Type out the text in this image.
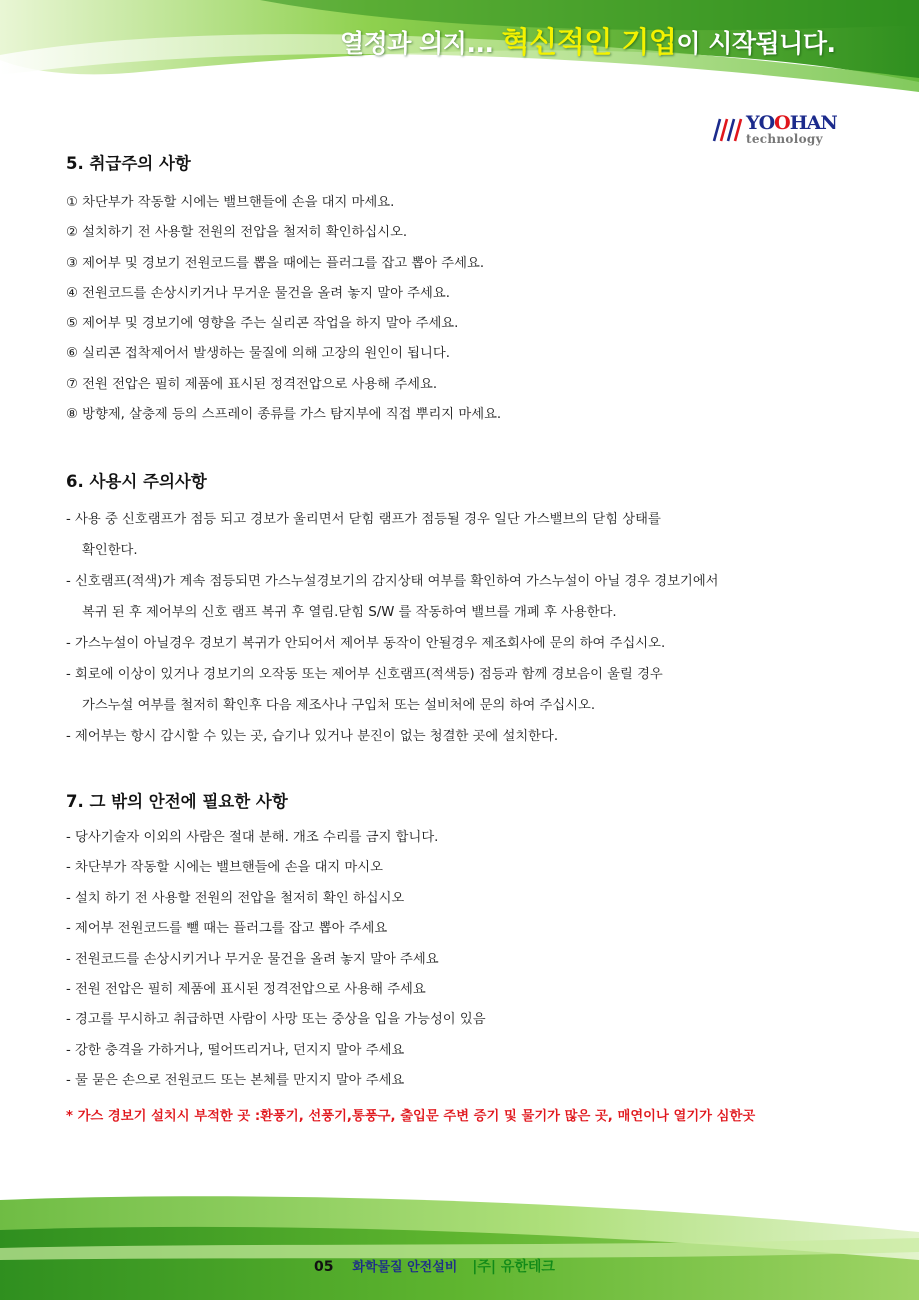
열정과 의지... 혁신적인 기업이 시작됩니다.
YOOHAN
technology
5. 취급주의 사항
① 차단부가 작동할 시에는 밸브핸들에 손을 대지 마세요.
② 설치하기 전 사용할 전원의 전압을 철저히 확인하십시오.
③ 제어부 및 경보기 전원코드를 뽑을 때에는 플러그를 잡고 뽑아 주세요.
④ 전원코드를 손상시키거나 무거운 물건을 올려 놓지 말아 주세요.
⑤ 제어부 및 경보기에 영향을 주는 실리콘 작업을 하지 말아 주세요.
⑥ 실리콘 접착제어서 발생하는 물질에 의해 고장의 원인이 됩니다.
⑦ 전원 전압은 필히 제품에 표시된 정격전압으로 사용해 주세요.
⑧ 방향제, 살충제 등의 스프레이 종류를 가스 탐지부에 직접 뿌리지 마세요.
6. 사용시 주의사항
- 사용 중 신호램프가 점등 되고 경보가 울리면서 닫힘 램프가 점등될 경우 일단 가스밸브의 닫힘 상태를
확인한다.
- 신호램프(적색)가 계속 점등되면 가스누설경보기의 감지상태 여부를 확인하여 가스누설이 아닐 경우 경보기에서
복귀 된 후 제어부의 신호 램프 복귀 후 열림.닫힘 S/W 를 작동하여 밸브를 개폐 후 사용한다.
- 가스누설이 아닐경우 경보기 복귀가 안되어서 제어부 동작이 안될경우 제조회사에 문의 하여 주십시오.
- 회로에 이상이 있거나 경보기의 오작동 또는 제어부 신호램프(적색등) 점등과 함께 경보음이 울릴 경우
가스누설 여부를 철저히 확인후 다음 제조사나 구입처 또는 설비처에 문의 하여 주십시오.
- 제어부는 항시 감시할 수 있는 곳, 습기나 있거나 분진이 없는 청결한 곳에 설치한다.
7. 그 밖의 안전에 필요한 사항
- 당사기술자 이외의 사람은 절대 분해. 개조 수리를 금지 합니다.
- 차단부가 작동할 시에는 밸브핸들에 손을 대지 마시오
- 설치 하기 전 사용할 전원의 전압을 철저히 확인 하십시오
- 제어부 전원코드를 뺄 때는 플러그를 잡고 뽑아 주세요
- 전원코드를 손상시키거나 무거운 물건을 올려 놓지 말아 주세요
- 전원 전압은 필히 제품에 표시된 정격전압으로 사용해 주세요
- 경고를 무시하고 취급하면 사람이 사망 또는 중상을 입을 가능성이 있음
- 강한 충격을 가하거나, 떨어뜨리거나, 던지지 말아 주세요
- 물 묻은 손으로 전원코드 또는 본체를 만지지 말아 주세요

* 가스 경보기 설치시 부적한 곳 :환풍기, 선풍기,통풍구, 출입문 주변 증기 및 물기가 많은 곳, 매연이나 열기가 심한곳

05 화학물질 안전설비 |주| 유한테크
